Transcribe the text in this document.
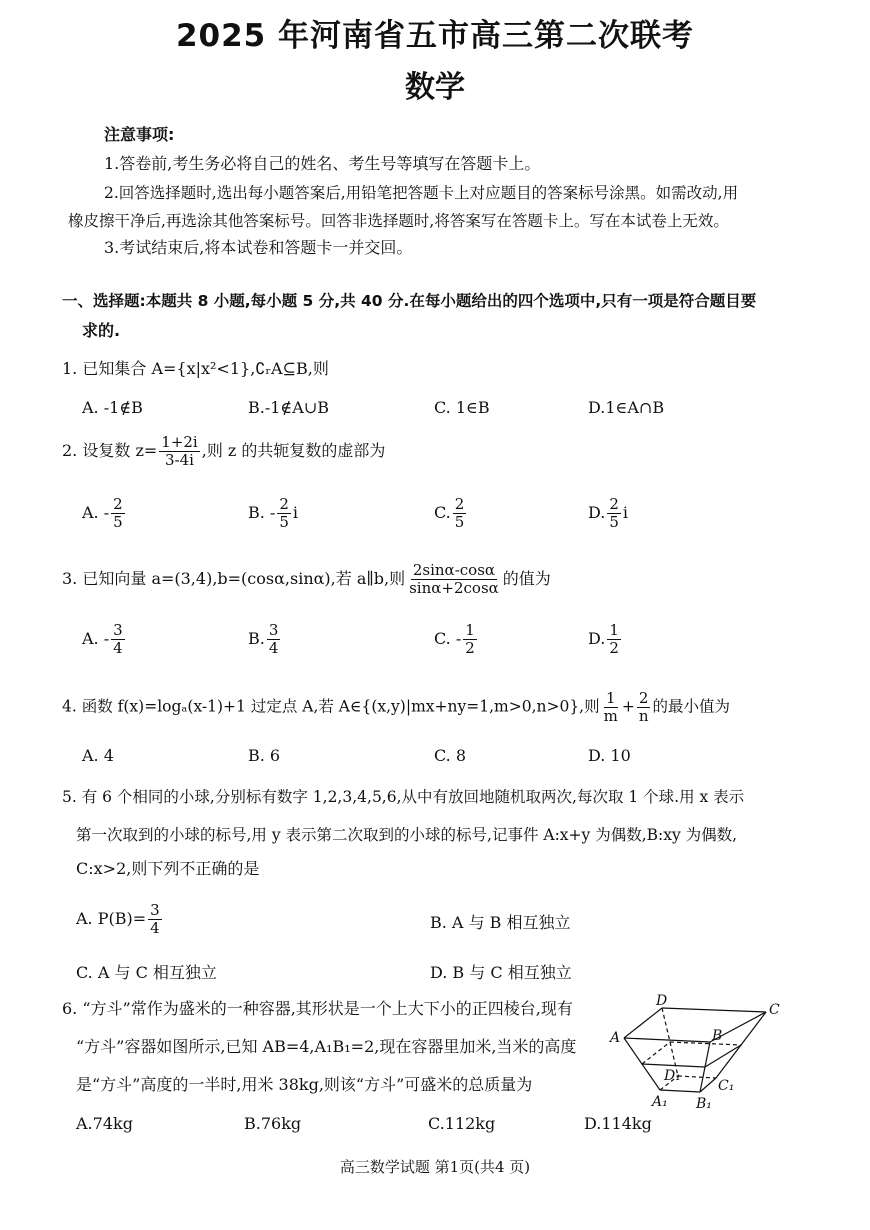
2025 年河南省五市高三第二次联考
数学
注意事项:
1.答卷前,考生务必将自己的姓名、考生号等填写在答题卡上。
2.回答选择题时,选出每小题答案后,用铅笔把答题卡上对应题目的答案标号涂黑。如需改动,用
橡皮擦干净后,再选涂其他答案标号。回答非选择题时,将答案写在答题卡上。写在本试卷上无效。
3.考试结束后,将本试卷和答题卡一并交回。
一、选择题:本题共 8 小题,每小题 5 分,共 40 分.在每小题给出的四个选项中,只有一项是符合题目要
求的.
1. 已知集合 A={x|x²<1},∁ᵣA⊆B,则
A. -1∉B	B.-1∉A∪B	C. 1∈B	D.1∈A∩B
2. 设复数 $z= \frac{1+2i}{3-4i}$ ,则 z 的共轭复数的虚部为
A. - $\frac{2}{5}$	B. - $\frac{2}{5}$ i	C. $\frac{2}{5}$	D. $\frac{2}{5}$ i
3. 已知向量 a=(3,4),b=(cosα,sinα),若 a∥b,则 $\frac{2\sin\alpha-\cos\alpha}{\sin\alpha+2\cos\alpha}$ 的值为
A. - $\frac{3}{4}$	B. $\frac{3}{4}$	C. - $\frac{1}{2}$	D. $\frac{1}{2}$
4. 函数 f(x)=logₐ(x-1)+1 过定点 A,若 A∈{(x,y)|mx+ny=1,m>0,n>0},则 $\frac{1}{m} + \frac{2}{n}$ 的最小值为
A. 4	B. 6	C. 8	D. 10
5. 有 6 个相同的小球,分别标有数字 1,2,3,4,5,6,从中有放回地随机取两次,每次取 1 个球.用 x 表示
第一次取到的小球的标号,用 y 表示第二次取到的小球的标号,记事件 A:x+y 为偶数,B:xy 为偶数,
C:x>2,则下列不正确的是
A. $P(B)= \frac{3}{4}$	B. A 与 B 相互独立
C. A 与 C 相互独立	D. B 与 C 相互独立
6. “方斗”常作为盛米的一种容器,其形状是一个上大下小的正四棱台,现有
“方斗”容器如图所示,已知 AB=4,A₁B₁=2,现在容器里加米,当米的高度
是“方斗”高度的一半时,用米 38kg,则该“方斗”可盛米的总质量为
A.74kg	B.76kg	C.112kg	D.114kg
D
C
A	B
D₁
C₁
A₁ B₁
高三数学试题 第1页(共4 页)
